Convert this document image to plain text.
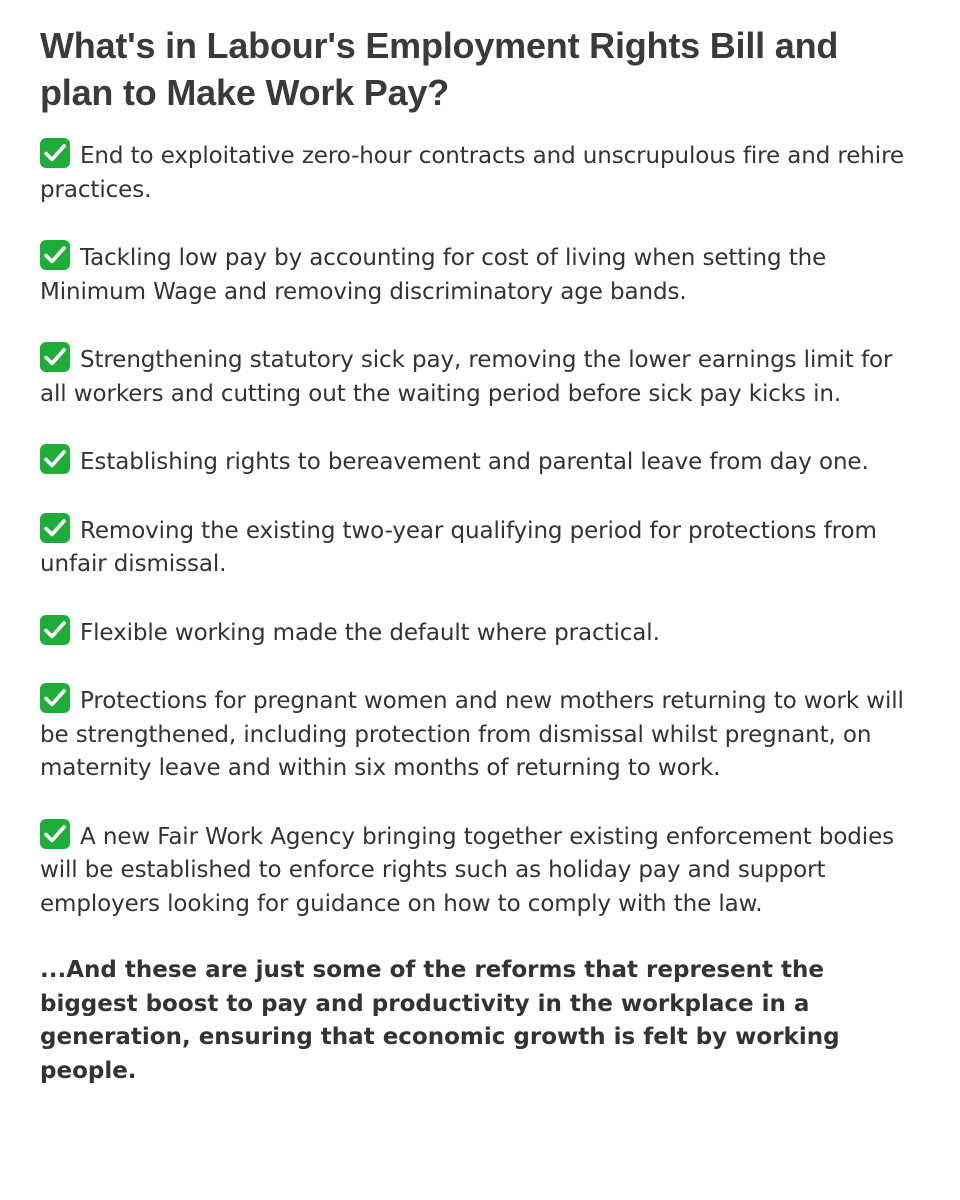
What's in Labour's Employment Rights Bill and plan to Make Work Pay?
End to exploitative zero-hour contracts and unscrupulous fire and rehire practices.
Tackling low pay by accounting for cost of living when setting the Minimum Wage and removing discriminatory age bands.
Strengthening statutory sick pay, removing the lower earnings limit for all workers and cutting out the waiting period before sick pay kicks in.
Establishing rights to bereavement and parental leave from day one.
Removing the existing two-year qualifying period for protections from unfair dismissal.
Flexible working made the default where practical.
Protections for pregnant women and new mothers returning to work will be strengthened, including protection from dismissal whilst pregnant, on maternity leave and within six months of returning to work.
A new Fair Work Agency bringing together existing enforcement bodies will be established to enforce rights such as holiday pay and support employers looking for guidance on how to comply with the law.

...And these are just some of the reforms that represent the biggest boost to pay and productivity in the workplace in a generation, ensuring that economic growth is felt by working people.
